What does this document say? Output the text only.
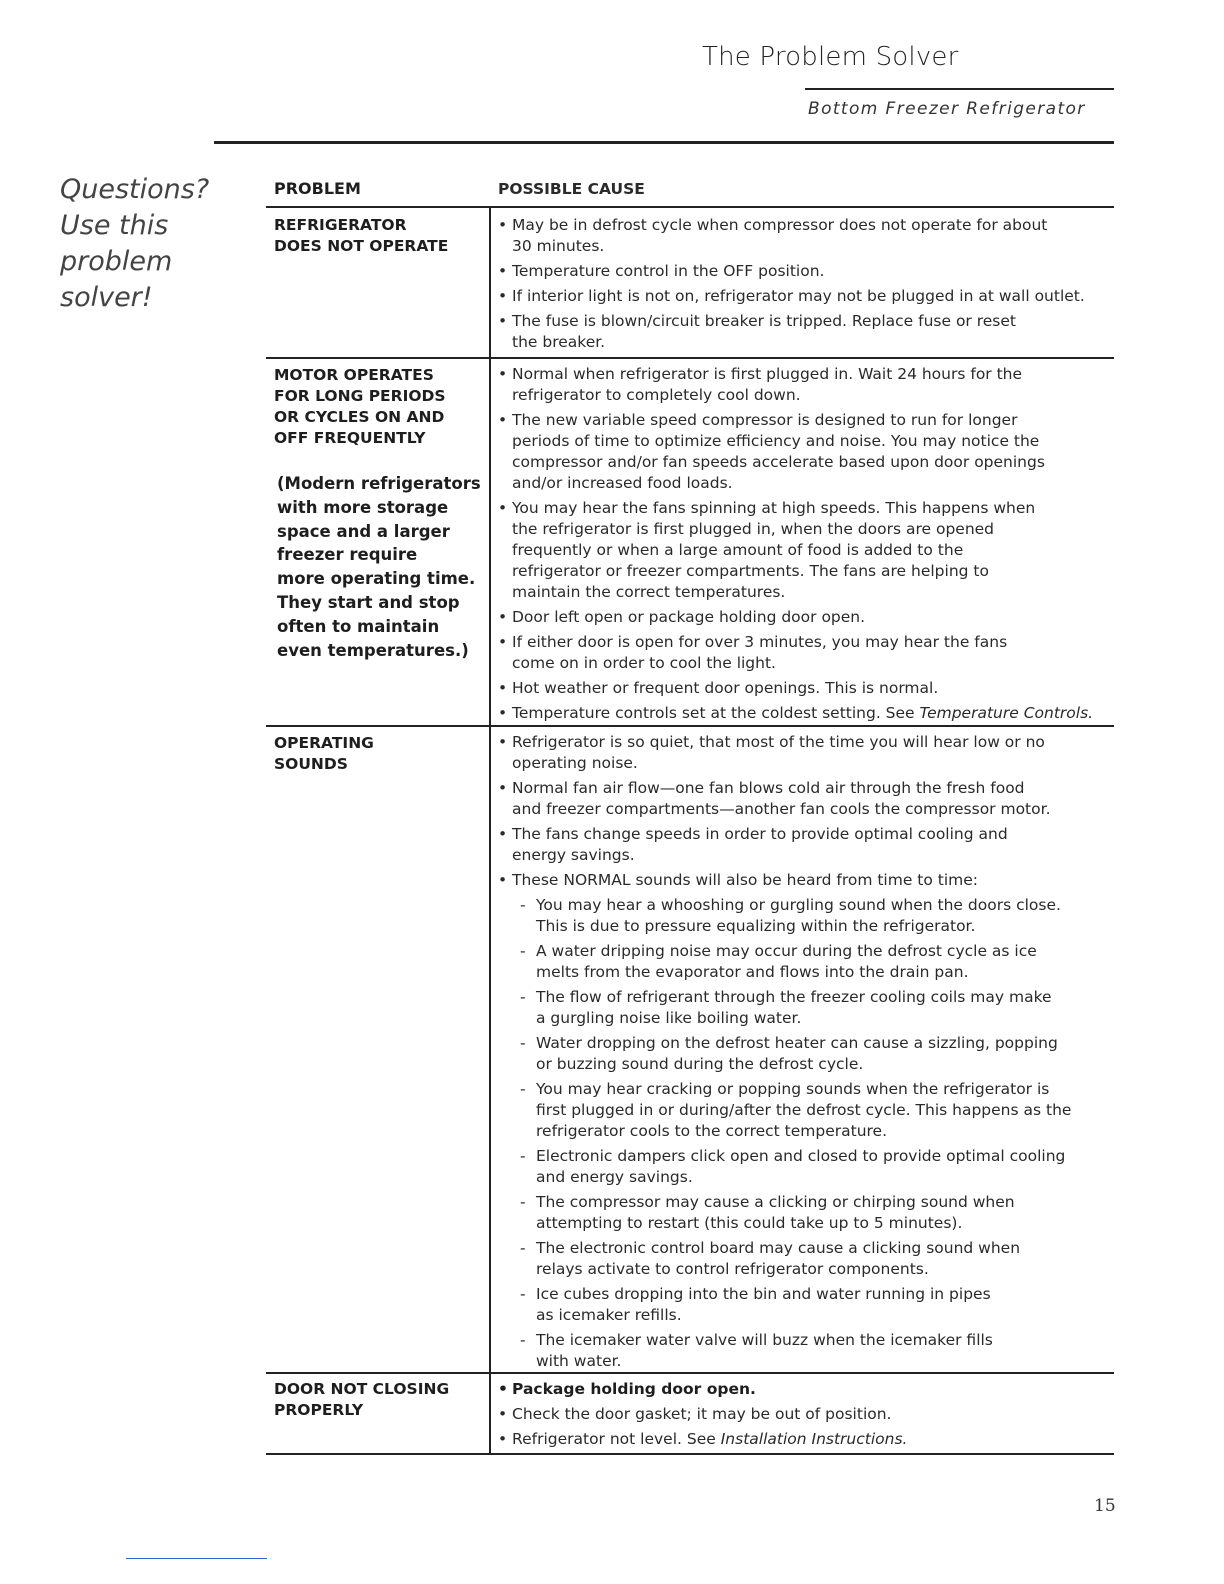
The Problem Solver
Bottom Freezer Refrigerator
Questions?
Use this
problem
solver!
PROBLEM	POSSIBLE CAUSE
REFRIGERATOR
DOES NOT OPERATE
• May be in defrost cycle when compressor does not operate for about
30 minutes.
• Temperature control in the OFF position.
• If interior light is not on, refrigerator may not be plugged in at wall outlet.
• The fuse is blown/circuit breaker is tripped. Replace fuse or reset
the breaker.
MOTOR OPERATES
FOR LONG PERIODS
OR CYCLES ON AND
OFF FREQUENTLY
(Modern refrigerators
with more storage
space and a larger
freezer require
more operating time.
They start and stop
often to maintain
even temperatures.)
• Normal when refrigerator is first plugged in. Wait 24 hours for the
refrigerator to completely cool down.
• The new variable speed compressor is designed to run for longer
periods of time to optimize efficiency and noise. You may notice the
compressor and/or fan speeds accelerate based upon door openings
and/or increased food loads.
• You may hear the fans spinning at high speeds. This happens when
the refrigerator is first plugged in, when the doors are opened
frequently or when a large amount of food is added to the
refrigerator or freezer compartments. The fans are helping to
maintain the correct temperatures.
• Door left open or package holding door open.
• If either door is open for over 3 minutes, you may hear the fans
come on in order to cool the light.
• Hot weather or frequent door openings. This is normal.
• Temperature controls set at the coldest setting. See Temperature Controls.
OPERATING
SOUNDS
• Refrigerator is so quiet, that most of the time you will hear low or no
operating noise.
• Normal fan air flow—one fan blows cold air through the fresh food
and freezer compartments—another fan cools the compressor motor.
• The fans change speeds in order to provide optimal cooling and
energy savings.
• These NORMAL sounds will also be heard from time to time:
- You may hear a whooshing or gurgling sound when the doors close.
This is due to pressure equalizing within the refrigerator.
- A water dripping noise may occur during the defrost cycle as ice
melts from the evaporator and flows into the drain pan.
- The flow of refrigerant through the freezer cooling coils may make
a gurgling noise like boiling water.
- Water dropping on the defrost heater can cause a sizzling, popping
or buzzing sound during the defrost cycle.
- You may hear cracking or popping sounds when the refrigerator is
first plugged in or during/after the defrost cycle. This happens as the
refrigerator cools to the correct temperature.
- Electronic dampers click open and closed to provide optimal cooling
and energy savings.
- The compressor may cause a clicking or chirping sound when
attempting to restart (this could take up to 5 minutes).
- The electronic control board may cause a clicking sound when
relays activate to control refrigerator components.
- Ice cubes dropping into the bin and water running in pipes
as icemaker refills.
- The icemaker water valve will buzz when the icemaker fills
with water.
DOOR NOT CLOSING
PROPERLY
• Package holding door open.
• Check the door gasket; it may be out of position.
• Refrigerator not level. See Installation Instructions.
15
